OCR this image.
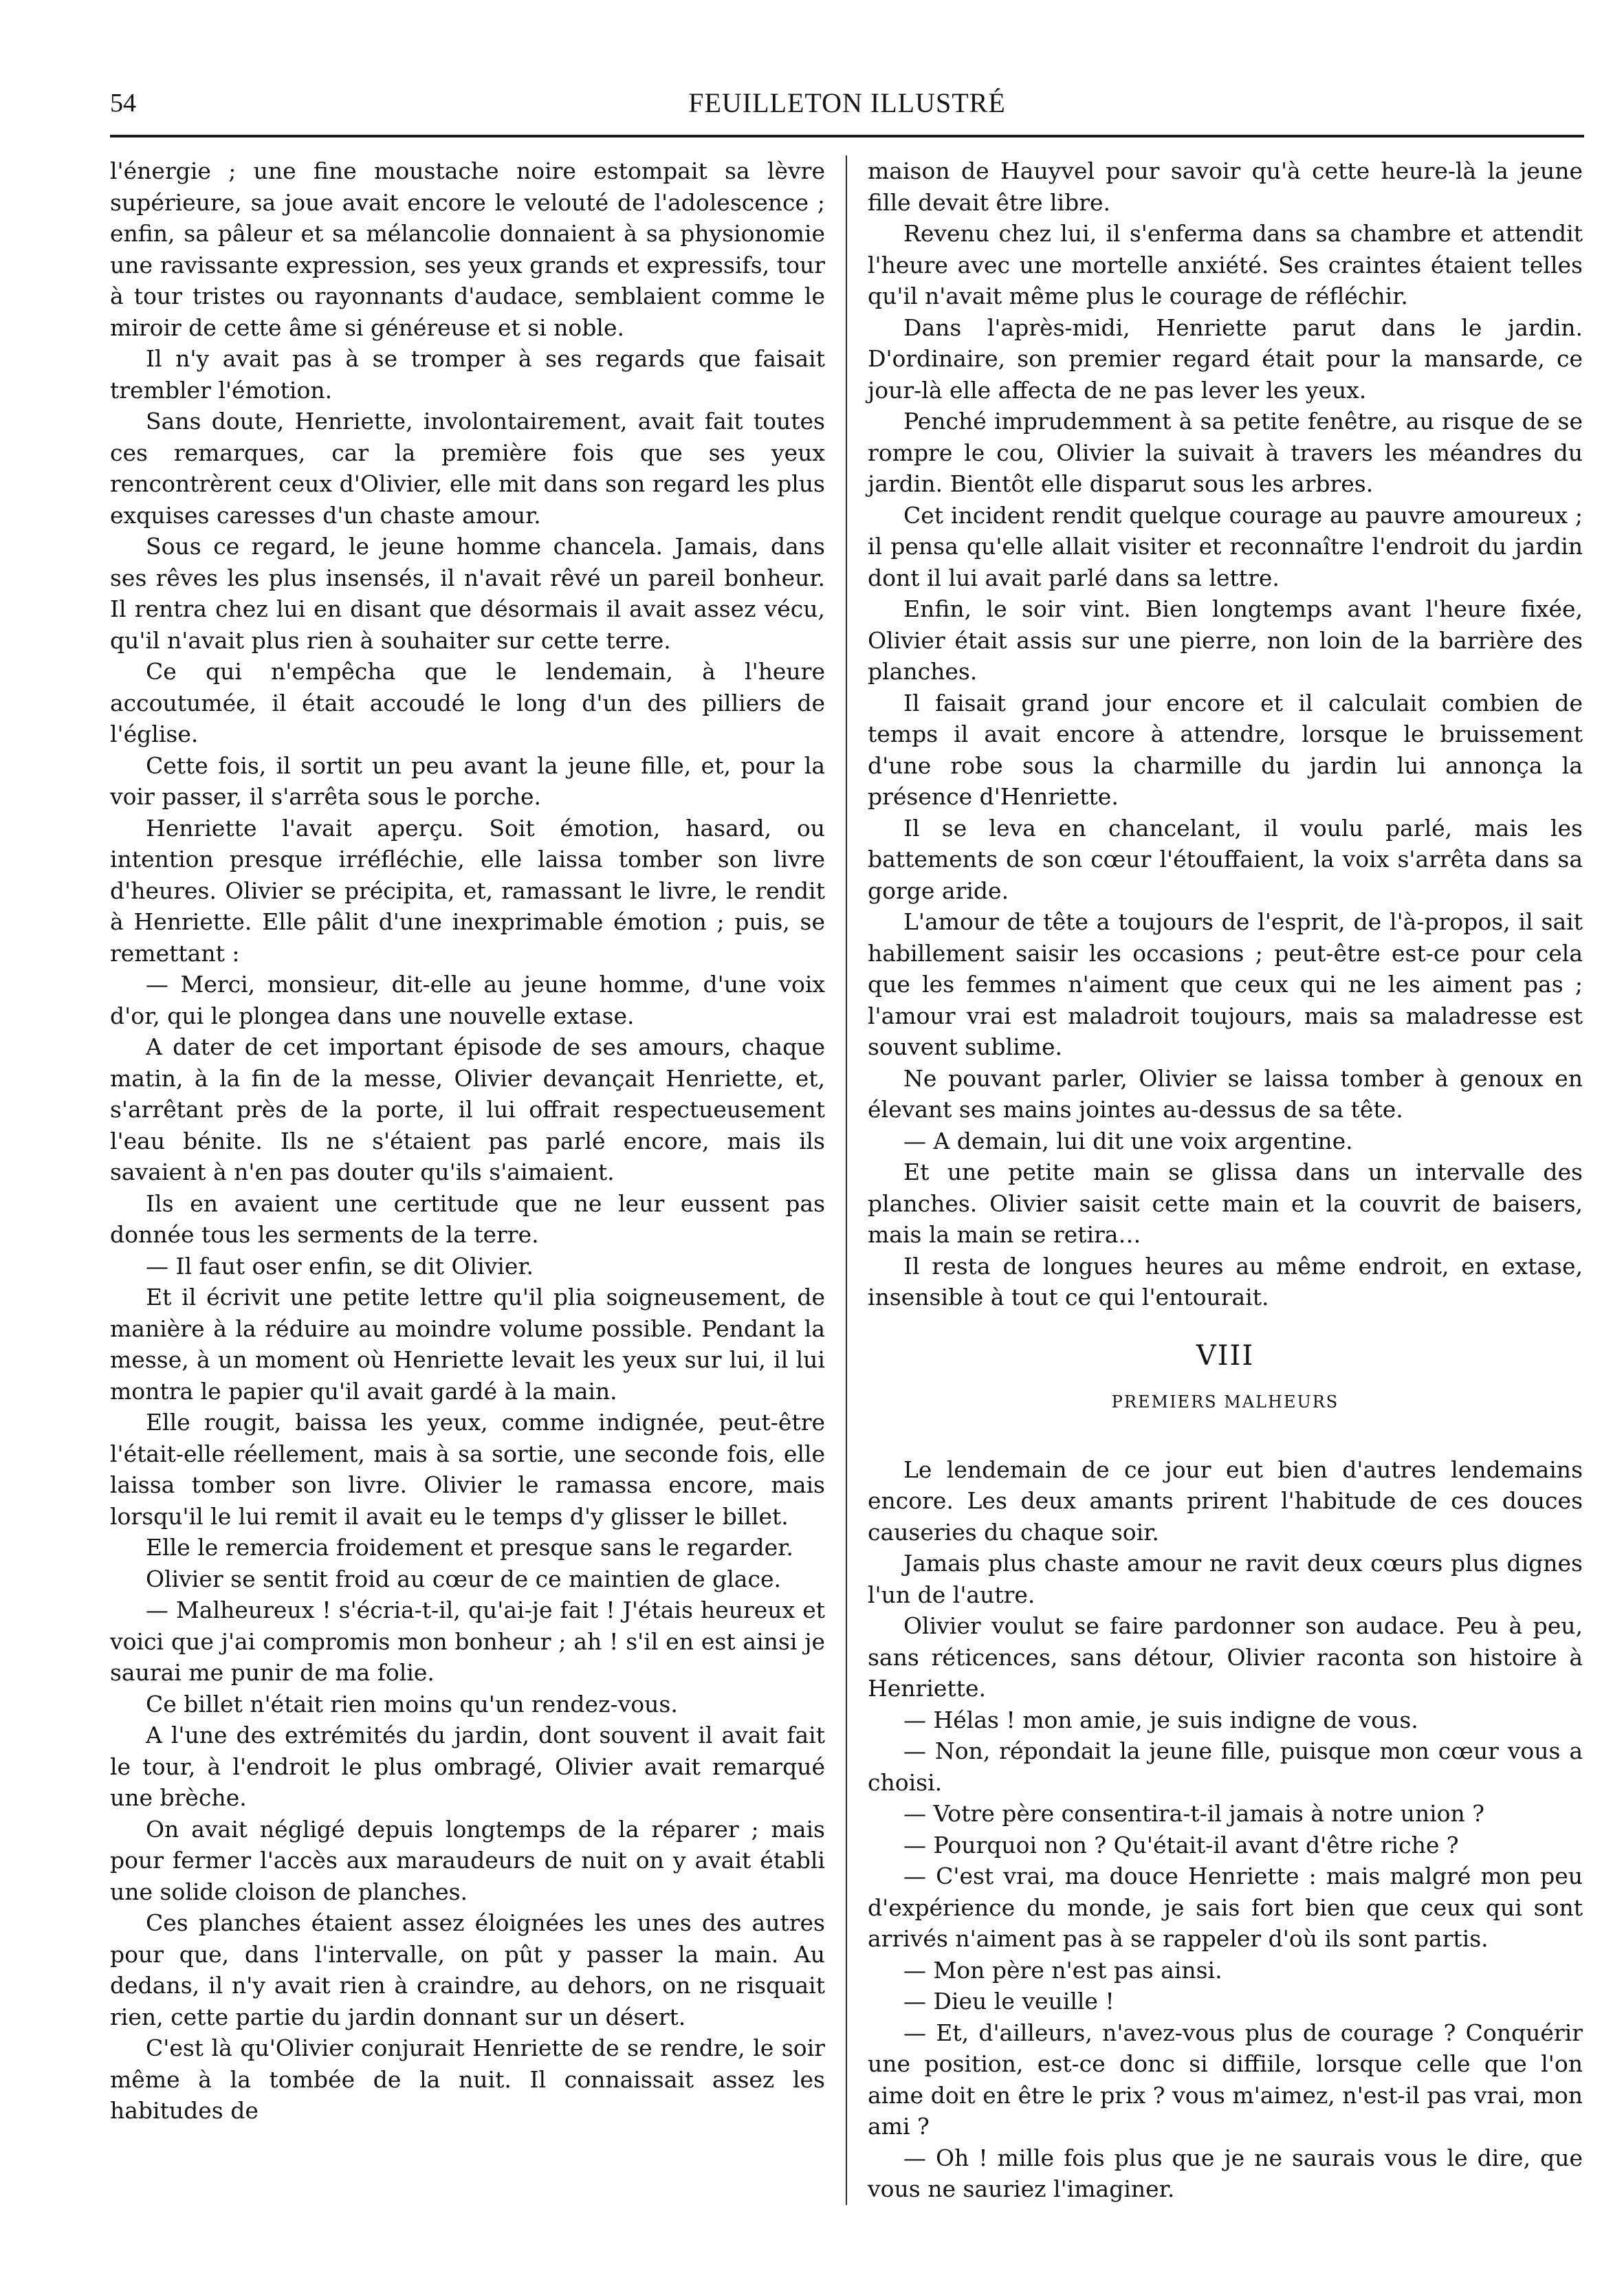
54	FEUILLETON ILLUSTRÉ

l'énergie ; une fine moustache noire estompait sa lèvre supérieure, sa joue avait encore le velouté de l'adolescence ; enfin, sa pâleur et sa mélancolie donnaient à sa physionomie une ravissante expression, ses yeux grands et expressifs, tour à tour tristes ou rayonnants d'audace, semblaient comme le miroir de cette âme si généreuse et si noble.

Il n'y avait pas à se tromper à ses regards que faisait trembler l'émotion.

Sans doute, Henriette, involontairement, avait fait toutes ces remarques, car la première fois que ses yeux rencontrèrent ceux d'Olivier, elle mit dans son regard les plus exquises caresses d'un chaste amour.

Sous ce regard, le jeune homme chancela. Jamais, dans ses rêves les plus insensés, il n'avait rêvé un pareil bonheur. Il rentra chez lui en disant que désormais il avait assez vécu, qu'il n'avait plus rien à souhaiter sur cette terre.

Ce qui n'empêcha que le lendemain, à l'heure accoutumée, il était accoudé le long d'un des pilliers de l'église.

Cette fois, il sortit un peu avant la jeune fille, et, pour la voir passer, il s'arrêta sous le porche.

Henriette l'avait aperçu. Soit émotion, hasard, ou intention presque irréfléchie, elle laissa tomber son livre d'heures. Olivier se précipita, et, ramassant le livre, le rendit à Henriette. Elle pâlit d'une inexprimable émotion ; puis, se remettant :

— Merci, monsieur, dit-elle au jeune homme, d'une voix d'or, qui le plongea dans une nouvelle extase.

A dater de cet important épisode de ses amours, chaque matin, à la fin de la messe, Olivier devançait Henriette, et, s'arrêtant près de la porte, il lui offrait respectueusement l'eau bénite. Ils ne s'étaient pas parlé encore, mais ils savaient à n'en pas douter qu'ils s'aimaient.

Ils en avaient une certitude que ne leur eussent pas donnée tous les serments de la terre.

— Il faut oser enfin, se dit Olivier.

Et il écrivit une petite lettre qu'il plia soigneusement, de manière à la réduire au moindre volume possible. Pendant la messe, à un moment où Henriette levait les yeux sur lui, il lui montra le papier qu'il avait gardé à la main.

Elle rougit, baissa les yeux, comme indignée, peut-être l'était-elle réellement, mais à sa sortie, une seconde fois, elle laissa tomber son livre. Olivier le ramassa encore, mais lorsqu'il le lui remit il avait eu le temps d'y glisser le billet.

Elle le remercia froidement et presque sans le regarder.

Olivier se sentit froid au cœur de ce maintien de glace.

— Malheureux ! s'écria-t-il, qu'ai-je fait ! J'étais heureux et voici que j'ai compromis mon bonheur ; ah ! s'il en est ainsi je saurai me punir de ma folie.

Ce billet n'était rien moins qu'un rendez-vous.

A l'une des extrémités du jardin, dont souvent il avait fait le tour, à l'endroit le plus ombragé, Olivier avait remarqué une brèche.

On avait négligé depuis longtemps de la réparer ; mais pour fermer l'accès aux maraudeurs de nuit on y avait établi une solide cloison de planches.

Ces planches étaient assez éloignées les unes des autres pour que, dans l'intervalle, on pût y passer la main. Au dedans, il n'y avait rien à craindre, au dehors, on ne risquait rien, cette partie du jardin donnant sur un désert.

C'est là qu'Olivier conjurait Henriette de se rendre, le soir même à la tombée de la nuit. Il connaissait assez les habitudes de

maison de Hauyvel pour savoir qu'à cette heure-là la jeune fille devait être libre.

Revenu chez lui, il s'enferma dans sa chambre et attendit l'heure avec une mortelle anxiété. Ses craintes étaient telles qu'il n'avait même plus le courage de réfléchir.

Dans l'après-midi, Henriette parut dans le jardin. D'ordinaire, son premier regard était pour la mansarde, ce jour-là elle affecta de ne pas lever les yeux.

Penché imprudemment à sa petite fenêtre, au risque de se rompre le cou, Olivier la suivait à travers les méandres du jardin. Bientôt elle disparut sous les arbres.

Cet incident rendit quelque courage au pauvre amoureux ; il pensa qu'elle allait visiter et reconnaître l'endroit du jardin dont il lui avait parlé dans sa lettre.

Enfin, le soir vint. Bien longtemps avant l'heure fixée, Olivier était assis sur une pierre, non loin de la barrière des planches.

Il faisait grand jour encore et il calculait combien de temps il avait encore à attendre, lorsque le bruissement d'une robe sous la charmille du jardin lui annonça la présence d'Henriette.

Il se leva en chancelant, il voulu parlé, mais les battements de son cœur l'étouffaient, la voix s'arrêta dans sa gorge aride.

L'amour de tête a toujours de l'esprit, de l'à-propos, il sait habillement saisir les occasions ; peut-être est-ce pour cela que les femmes n'aiment que ceux qui ne les aiment pas ; l'amour vrai est maladroit toujours, mais sa maladresse est souvent sublime.

Ne pouvant parler, Olivier se laissa tomber à genoux en élevant ses mains jointes au-dessus de sa tête.

— A demain, lui dit une voix argentine.

Et une petite main se glissa dans un intervalle des planches. Olivier saisit cette main et la couvrit de baisers, mais la main se retira…

Il resta de longues heures au même endroit, en extase, insensible à tout ce qui l'entourait.

VIII
PREMIERS MALHEURS

Le lendemain de ce jour eut bien d'autres lendemains encore. Les deux amants prirent l'habitude de ces douces causeries du chaque soir.

Jamais plus chaste amour ne ravit deux cœurs plus dignes l'un de l'autre.

Olivier voulut se faire pardonner son audace. Peu à peu, sans réticences, sans détour, Olivier raconta son histoire à Henriette.

— Hélas ! mon amie, je suis indigne de vous.

— Non, répondait la jeune fille, puisque mon cœur vous a choisi.

— Votre père consentira-t-il jamais à notre union ?

— Pourquoi non ? Qu'était-il avant d'être riche ?

— C'est vrai, ma douce Henriette : mais malgré mon peu d'expérience du monde, je sais fort bien que ceux qui sont arrivés n'aiment pas à se rappeler d'où ils sont partis.

— Mon père n'est pas ainsi.

— Dieu le veuille !

— Et, d'ailleurs, n'avez-vous plus de courage ? Conquérir une position, est-ce donc si diffiile, lorsque celle que l'on aime doit en être le prix ? vous m'aimez, n'est-il pas vrai, mon ami ?

— Oh ! mille fois plus que je ne saurais vous le dire, que vous ne sauriez l'imaginer.
